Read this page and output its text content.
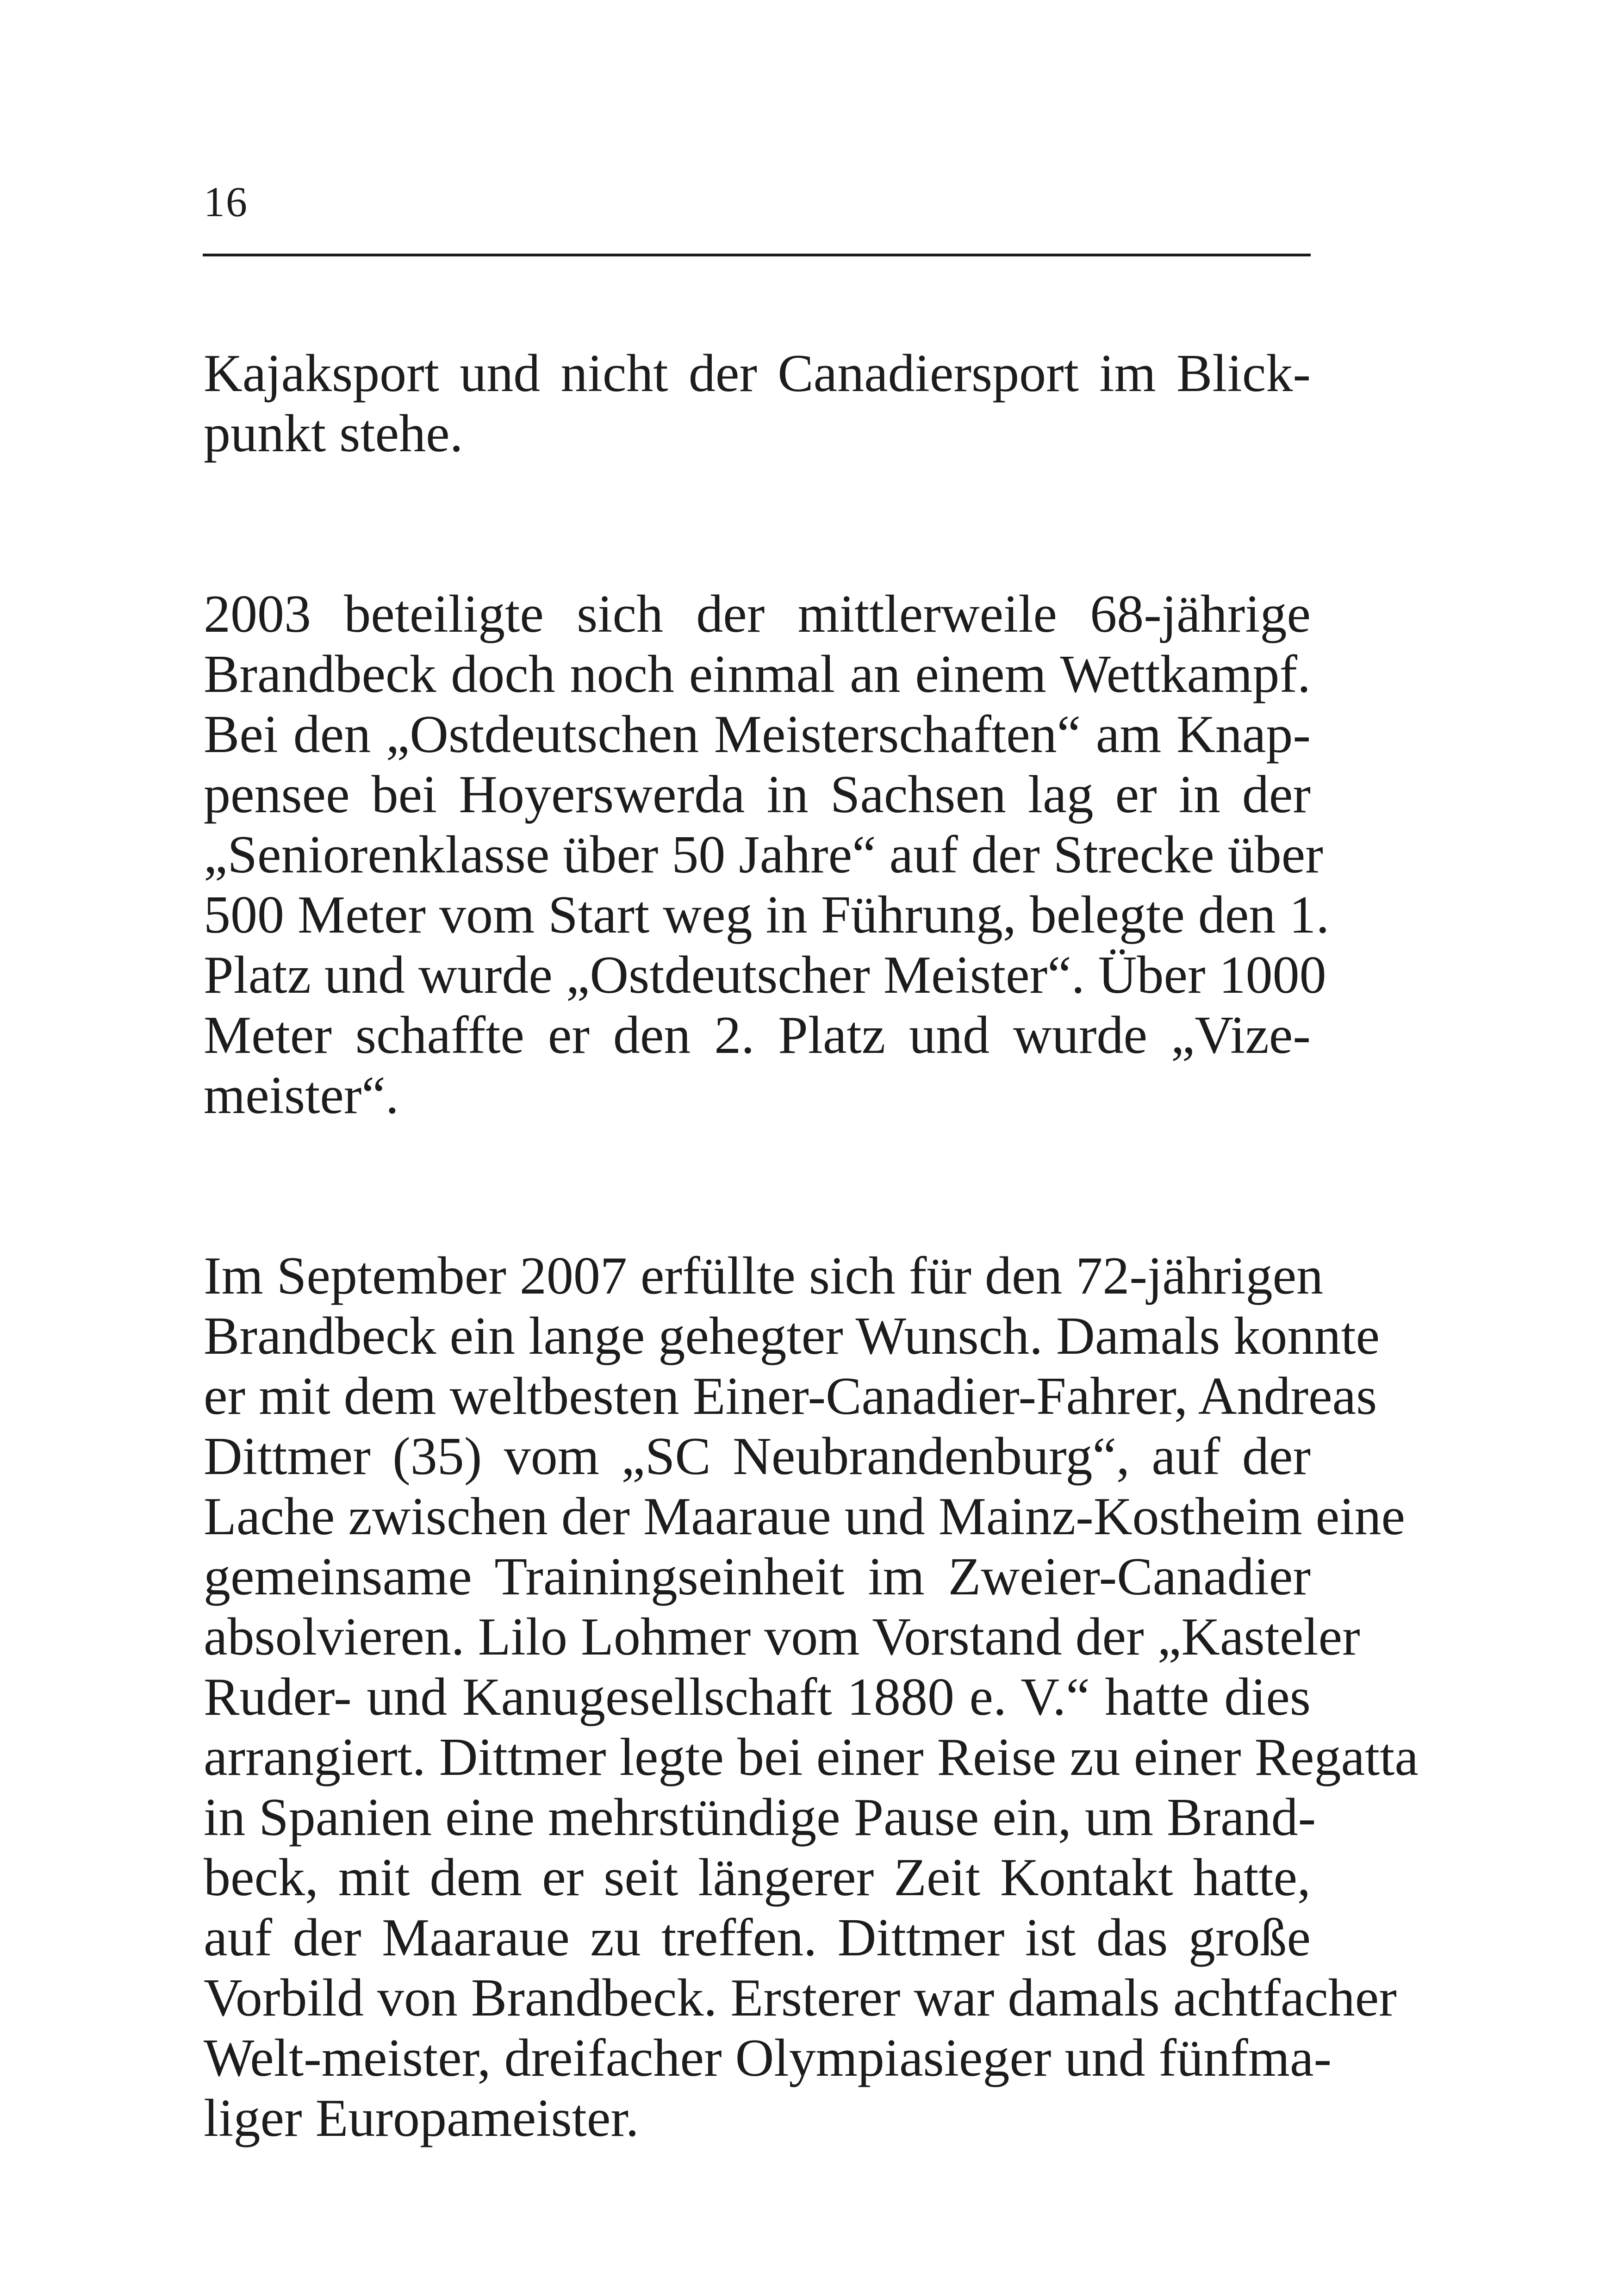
16
Kajaksport und nicht der Canadiersport im Blick-
punkt stehe.
2003 beteiligte sich der mittlerweile 68-jährige
Brandbeck doch noch einmal an einem Wettkampf.
Bei den „Ostdeutschen Meisterschaften“ am Knap-
pensee bei Hoyerswerda in Sachsen lag er in der
„Seniorenklasse über 50 Jahre“ auf der Strecke über
500 Meter vom Start weg in Führung, belegte den 1.
Platz und wurde „Ostdeutscher Meister“. Über 1000
Meter schaffte er den 2. Platz und wurde „Vize-
meister“.
Im September 2007 erfüllte sich für den 72-jährigen
Brandbeck ein lange gehegter Wunsch. Damals konnte
er mit dem weltbesten Einer-Canadier-Fahrer, Andreas
Dittmer (35) vom „SC Neubrandenburg“, auf der
Lache zwischen der Maaraue und Mainz-Kostheim eine
gemeinsame Trainingseinheit im Zweier-Canadier
absolvieren. Lilo Lohmer vom Vorstand der „Kasteler
Ruder- und Kanugesellschaft 1880 e. V.“ hatte dies
arrangiert. Dittmer legte bei einer Reise zu einer Regatta
in Spanien eine mehrstündige Pause ein, um Brand-
beck, mit dem er seit längerer Zeit Kontakt hatte,
auf der Maaraue zu treffen. Dittmer ist das große
Vorbild von Brandbeck. Ersterer war damals achtfacher
Welt-meister, dreifacher Olympiasieger und fünfma-
liger Europameister.
